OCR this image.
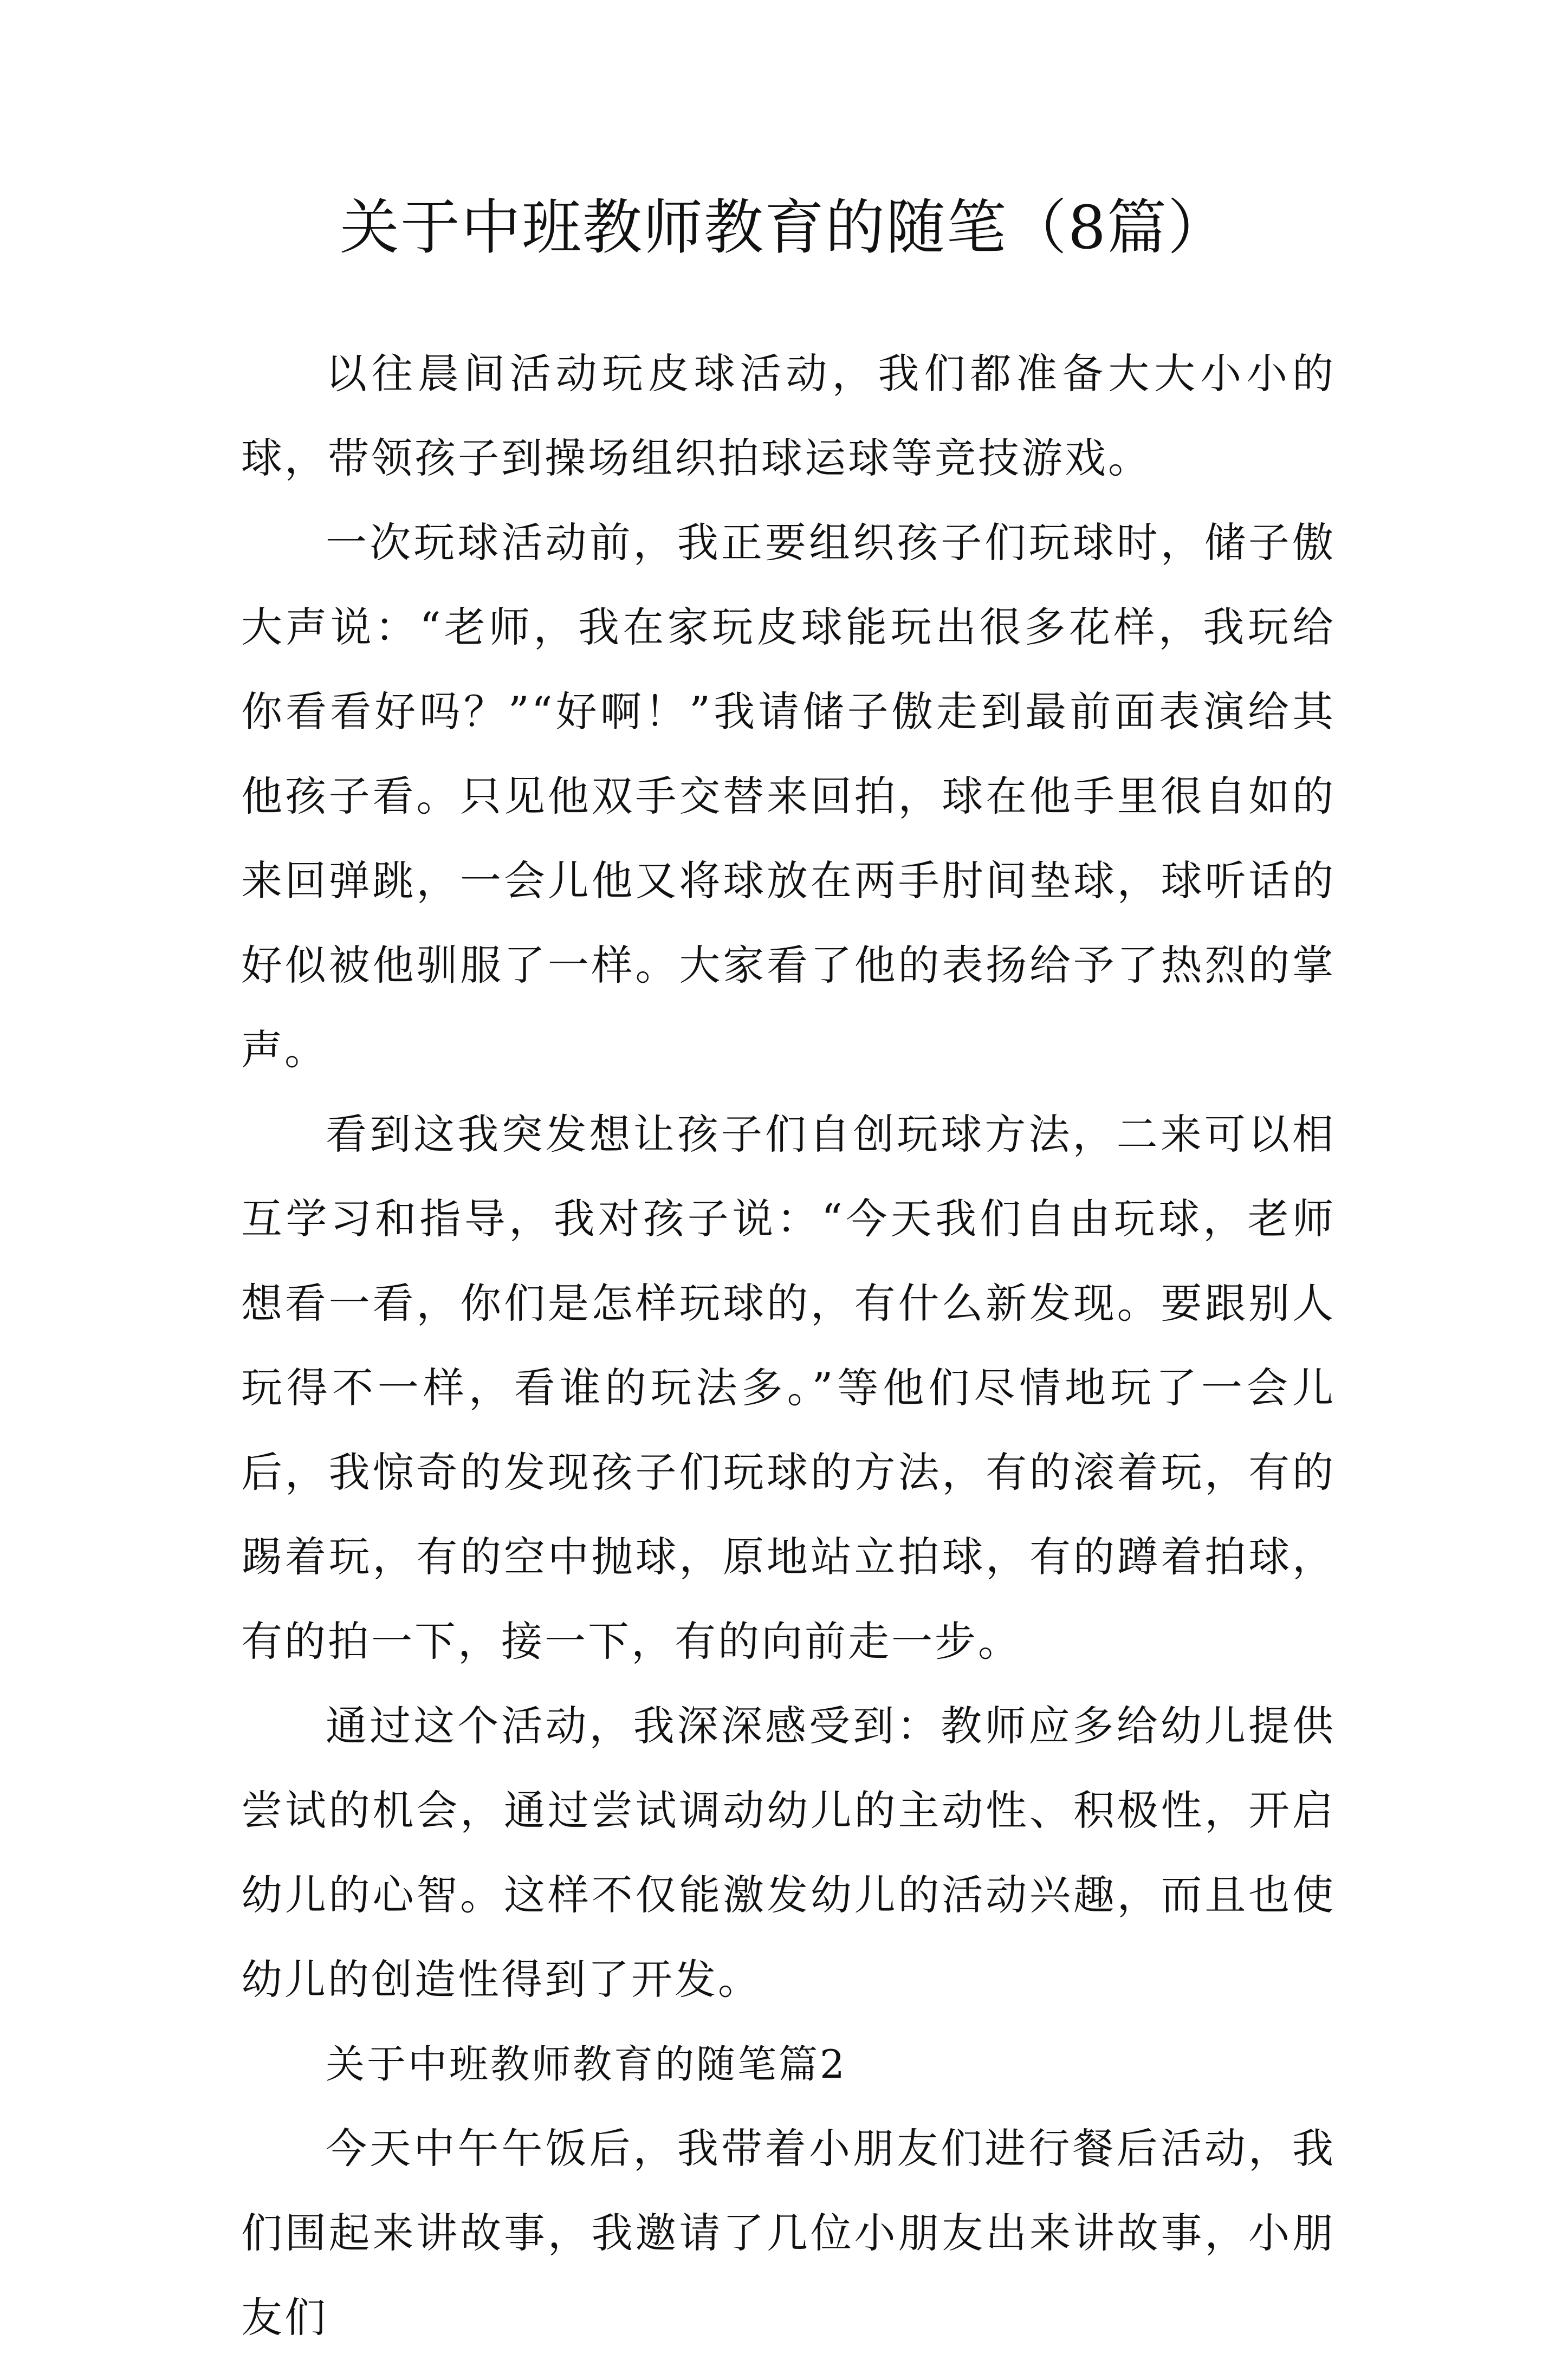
关于中班教师教育的随笔（8篇）

以往晨间活动玩皮球活动，我们都准备大大小小的球，带领孩子到操场组织拍球运球等竞技游戏。

一次玩球活动前，我正要组织孩子们玩球时，储子傲大声说：“老师，我在家玩皮球能玩出很多花样，我玩给你看看好吗？”“好啊！”我请储子傲走到最前面表演给其他孩子看。只见他双手交替来回拍，球在他手里很自如的来回弹跳，一会儿他又将球放在两手肘间垫球，球听话的好似被他驯服了一样。大家看了他的表扬给予了热烈的掌声。

看到这我突发想让孩子们自创玩球方法，二来可以相互学习和指导，我对孩子说：“今天我们自由玩球，老师想看一看，你们是怎样玩球的，有什么新发现。要跟别人玩得不一样，看谁的玩法多。”等他们尽情地玩了一会儿后，我惊奇的发现孩子们玩球的方法，有的滚着玩，有的踢着玩，有的空中抛球，原地站立拍球，有的蹲着拍球，有的拍一下，接一下，有的向前走一步。

通过这个活动，我深深感受到：教师应多给幼儿提供尝试的机会，通过尝试调动幼儿的主动性、积极性，开启幼儿的心智。这样不仅能激发幼儿的活动兴趣，而且也使幼儿的创造性得到了开发。

关于中班教师教育的随笔篇2

今天中午午饭后，我带着小朋友们进行餐后活动，我们围起来讲故事，我邀请了几位小朋友出来讲故事，小朋友们
